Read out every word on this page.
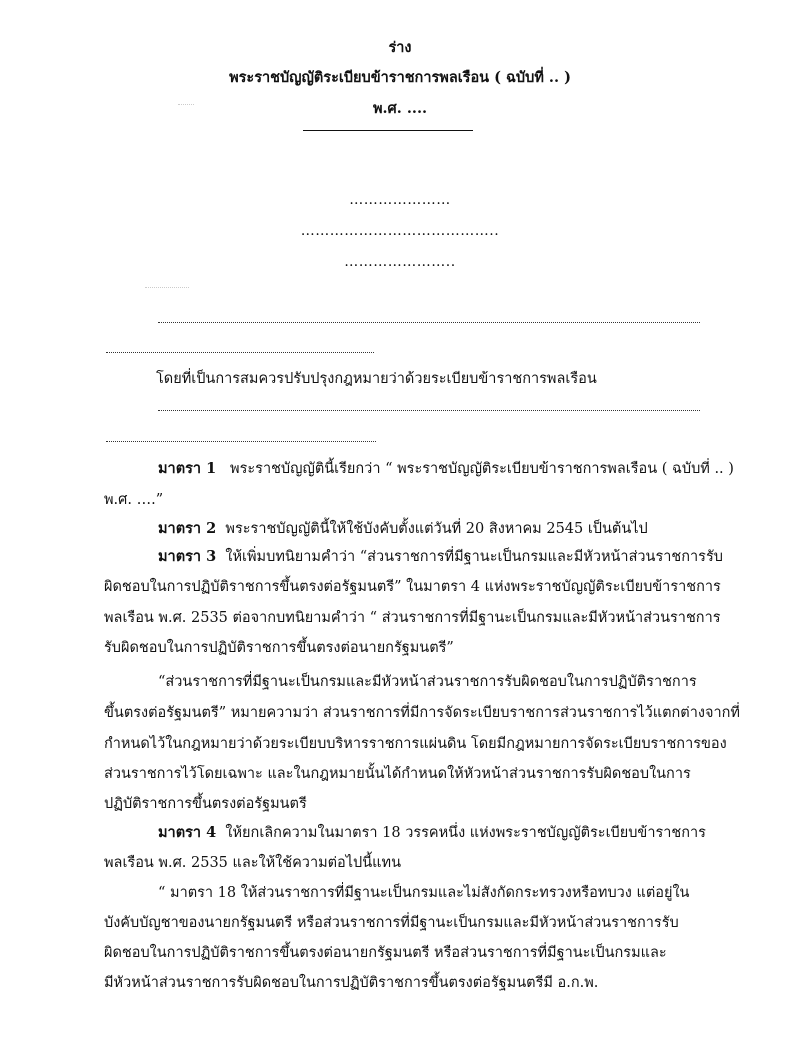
ร่าง
พระราชบัญญัติระเบียบข้าราชการพลเรือน ( ฉบับที่ .. )
พ.ศ. ....
…………………
…………………………………..
…………………..
โดยที่เป็นการสมควรปรับปรุงกฎหมายว่าด้วยระเบียบข้าราชการพลเรือน
มาตรา 1 พระราชบัญญัตินี้เรียกว่า “ พระราชบัญญัติระเบียบข้าราชการพลเรือน ( ฉบับที่ .. )
พ.ศ. ….”
มาตรา 2 พระราชบัญญัตินี้ให้ใช้บังคับตั้งแต่วันที่ 20 สิงหาคม 2545 เป็นต้นไป
มาตรา 3 ให้เพิ่มบทนิยามคำว่า “ส่วนราชการที่มีฐานะเป็นกรมและมีหัวหน้าส่วนราชการรับ
ผิดชอบในการปฏิบัติราชการขึ้นตรงต่อรัฐมนตรี” ในมาตรา 4 แห่งพระราชบัญญัติระเบียบข้าราชการ
พลเรือน พ.ศ. 2535 ต่อจากบทนิยามคำว่า “ ส่วนราชการที่มีฐานะเป็นกรมและมีหัวหน้าส่วนราชการ
รับผิดชอบในการปฏิบัติราชการขึ้นตรงต่อนายกรัฐมนตรี”
“ส่วนราชการที่มีฐานะเป็นกรมและมีหัวหน้าส่วนราชการรับผิดชอบในการปฏิบัติราชการ
ขึ้นตรงต่อรัฐมนตรี” หมายความว่า ส่วนราชการที่มีการจัดระเบียบราชการส่วนราชการไว้แตกต่างจากที่
กำหนดไว้ในกฎหมายว่าด้วยระเบียบบริหารราชการแผ่นดิน โดยมีกฎหมายการจัดระเบียบราชการของ
ส่วนราชการไว้โดยเฉพาะ และในกฎหมายนั้นได้กำหนดให้หัวหน้าส่วนราชการรับผิดชอบในการ
ปฏิบัติราชการขึ้นตรงต่อรัฐมนตรี
มาตรา 4 ให้ยกเลิกความในมาตรา 18 วรรคหนึ่ง แห่งพระราชบัญญัติระเบียบข้าราชการ
พลเรือน พ.ศ. 2535 และให้ใช้ความต่อไปนี้แทน
“ มาตรา 18 ให้ส่วนราชการที่มีฐานะเป็นกรมและไม่สังกัดกระทรวงหรือทบวง แต่อยู่ใน
บังคับบัญชาของนายกรัฐมนตรี หรือส่วนราชการที่มีฐานะเป็นกรมและมีหัวหน้าส่วนราชการรับ
ผิดชอบในการปฏิบัติราชการขึ้นตรงต่อนายกรัฐมนตรี หรือส่วนราชการที่มีฐานะเป็นกรมและ
มีหัวหน้าส่วนราชการรับผิดชอบในการปฏิบัติราชการขึ้นตรงต่อรัฐมนตรีมี อ.ก.พ.
